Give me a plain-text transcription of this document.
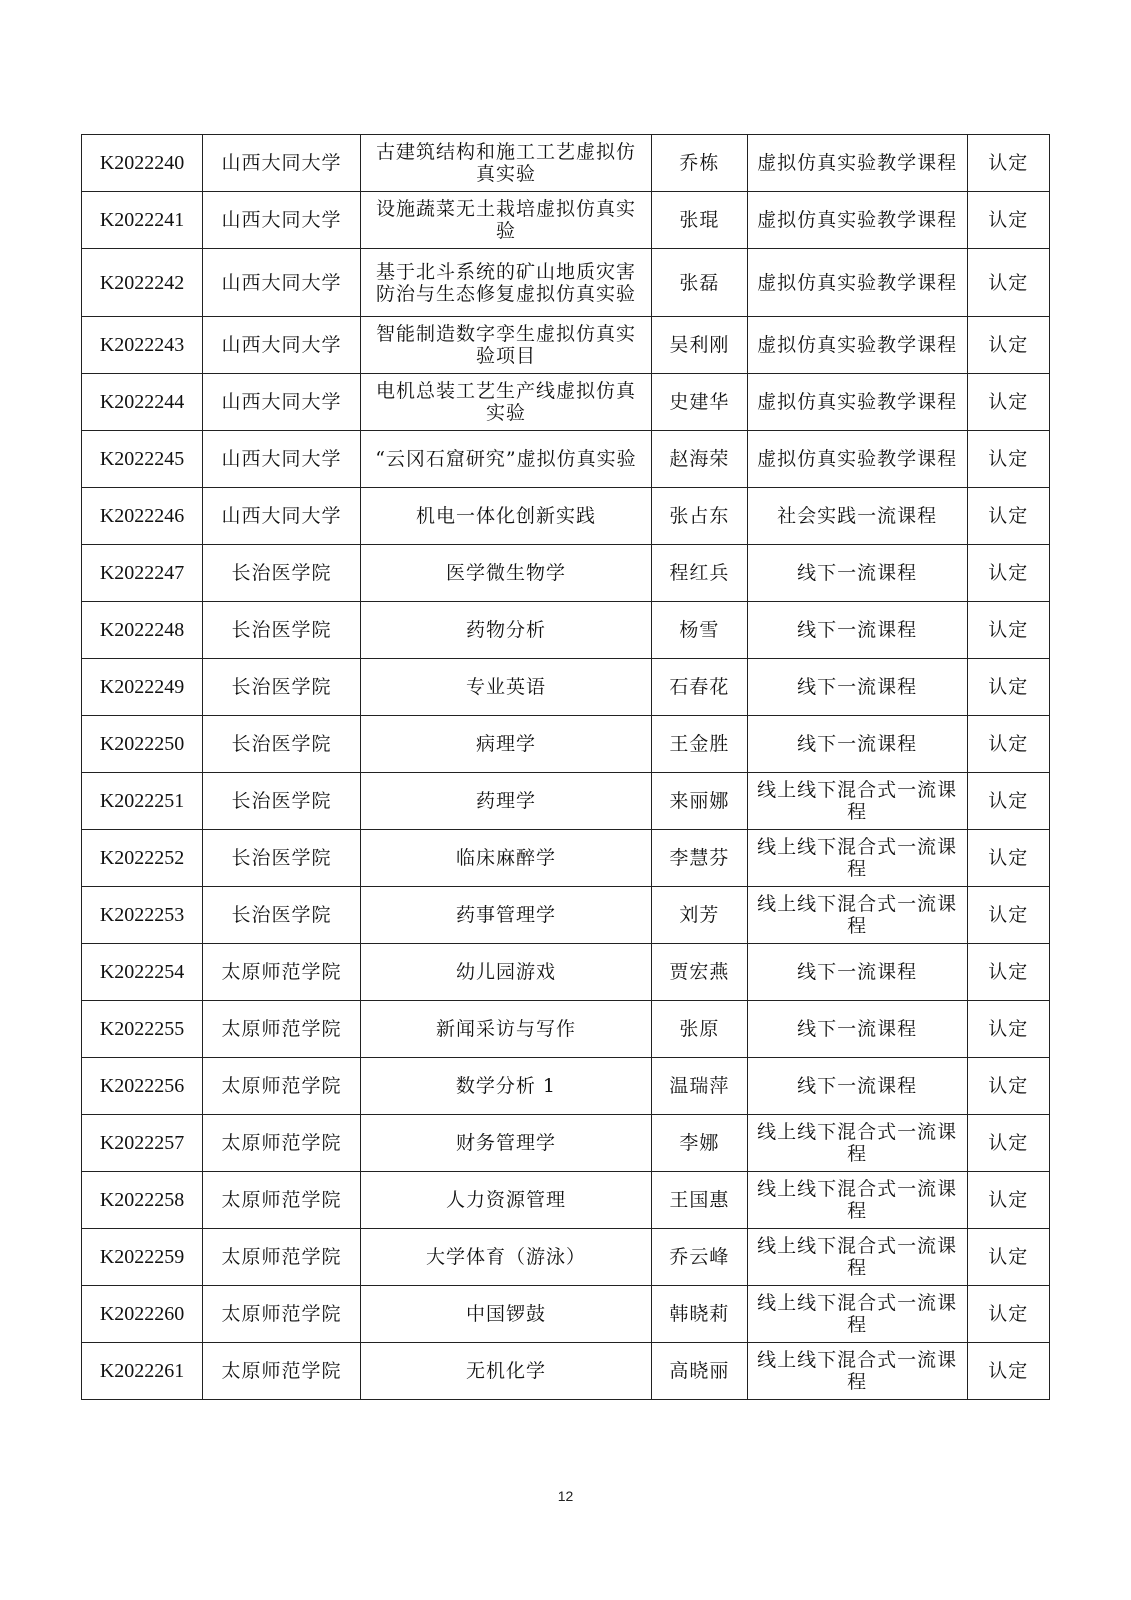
K2022240	山西大同大学	古建筑结构和施工工艺虚拟仿真实验	乔栋	虚拟仿真实验教学课程	认定
K2022241	山西大同大学	设施蔬菜无土栽培虚拟仿真实验	张琨	虚拟仿真实验教学课程	认定
K2022242	山西大同大学	基于北斗系统的矿山地质灾害防治与生态修复虚拟仿真实验	张磊	虚拟仿真实验教学课程	认定
K2022243	山西大同大学	智能制造数字孪生虚拟仿真实验项目	吴利刚	虚拟仿真实验教学课程	认定
K2022244	山西大同大学	电机总装工艺生产线虚拟仿真实验	史建华	虚拟仿真实验教学课程	认定
K2022245	山西大同大学	“云冈石窟研究”虚拟仿真实验	赵海荣	虚拟仿真实验教学课程	认定
K2022246	山西大同大学	机电一体化创新实践	张占东	社会实践一流课程	认定
K2022247	长治医学院	医学微生物学	程红兵	线下一流课程	认定
K2022248	长治医学院	药物分析	杨雪	线下一流课程	认定
K2022249	长治医学院	专业英语	石春花	线下一流课程	认定
K2022250	长治医学院	病理学	王金胜	线下一流课程	认定
K2022251	长治医学院	药理学	来丽娜	线上线下混合式一流课程	认定
K2022252	长治医学院	临床麻醉学	李慧芬	线上线下混合式一流课程	认定
K2022253	长治医学院	药事管理学	刘芳	线上线下混合式一流课程	认定
K2022254	太原师范学院	幼儿园游戏	贾宏燕	线下一流课程	认定
K2022255	太原师范学院	新闻采访与写作	张原	线下一流课程	认定
K2022256	太原师范学院	数学分析 1	温瑞萍	线下一流课程	认定
K2022257	太原师范学院	财务管理学	李娜	线上线下混合式一流课程	认定
K2022258	太原师范学院	人力资源管理	王国惠	线上线下混合式一流课程	认定
K2022259	太原师范学院	大学体育（游泳）	乔云峰	线上线下混合式一流课程	认定
K2022260	太原师范学院	中国锣鼓	韩晓莉	线上线下混合式一流课程	认定
K2022261	太原师范学院	无机化学	高晓丽	线上线下混合式一流课程	认定
12
